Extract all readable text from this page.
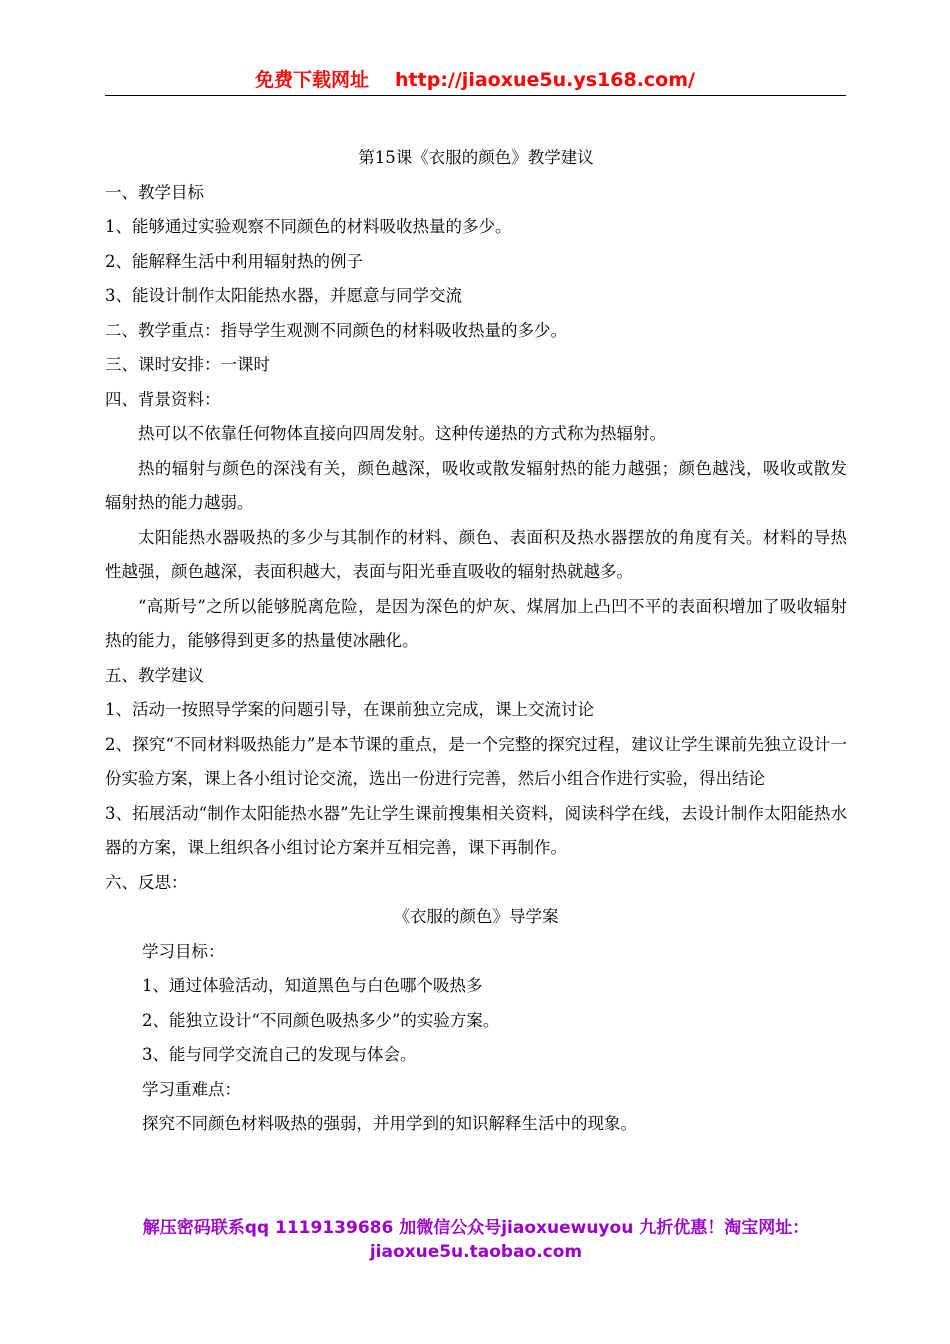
免费下载网址 http://jiaoxue5u.ys168.com/

第15课《衣服的颜色》教学建议

一、教学目标

1、能够通过实验观察不同颜色的材料吸收热量的多少。

2、能解释生活中利用辐射热的例子

3、能设计制作太阳能热水器，并愿意与同学交流

二、教学重点：指导学生观测不同颜色的材料吸收热量的多少。

三、课时安排：一课时

四、背景资料：

热可以不依靠任何物体直接向四周发射。这种传递热的方式称为热辐射。

热的辐射与颜色的深浅有关，颜色越深，吸收或散发辐射热的能力越强；颜色越浅，吸收或散发辐射热的能力越弱。

太阳能热水器吸热的多少与其制作的材料、颜色、表面积及热水器摆放的角度有关。材料的导热性越强，颜色越深，表面积越大，表面与阳光垂直吸收的辐射热就越多。

“高斯号”之所以能够脱离危险，是因为深色的炉灰、煤屑加上凸凹不平的表面积增加了吸收辐射热的能力，能够得到更多的热量使冰融化。

五、教学建议

1、活动一按照导学案的问题引导，在课前独立完成，课上交流讨论

2、探究“不同材料吸热能力”是本节课的重点，是一个完整的探究过程，建议让学生课前先独立设计一份实验方案，课上各小组讨论交流，选出一份进行完善，然后小组合作进行实验，得出结论

3、拓展活动“制作太阳能热水器”先让学生课前搜集相关资料，阅读科学在线，去设计制作太阳能热水器的方案，课上组织各小组讨论方案并互相完善，课下再制作。

六、反思：

《衣服的颜色》导学案

学习目标：

1、通过体验活动，知道黑色与白色哪个吸热多

2、能独立设计“不同颜色吸热多少”的实验方案。

3、能与同学交流自己的发现与体会。

学习重难点：

探究不同颜色材料吸热的强弱，并用学到的知识解释生活中的现象。

解压密码联系qq 1119139686 加微信公众号jiaoxuewuyou 九折优惠！淘宝网址：jiaoxue5u.taobao.com
